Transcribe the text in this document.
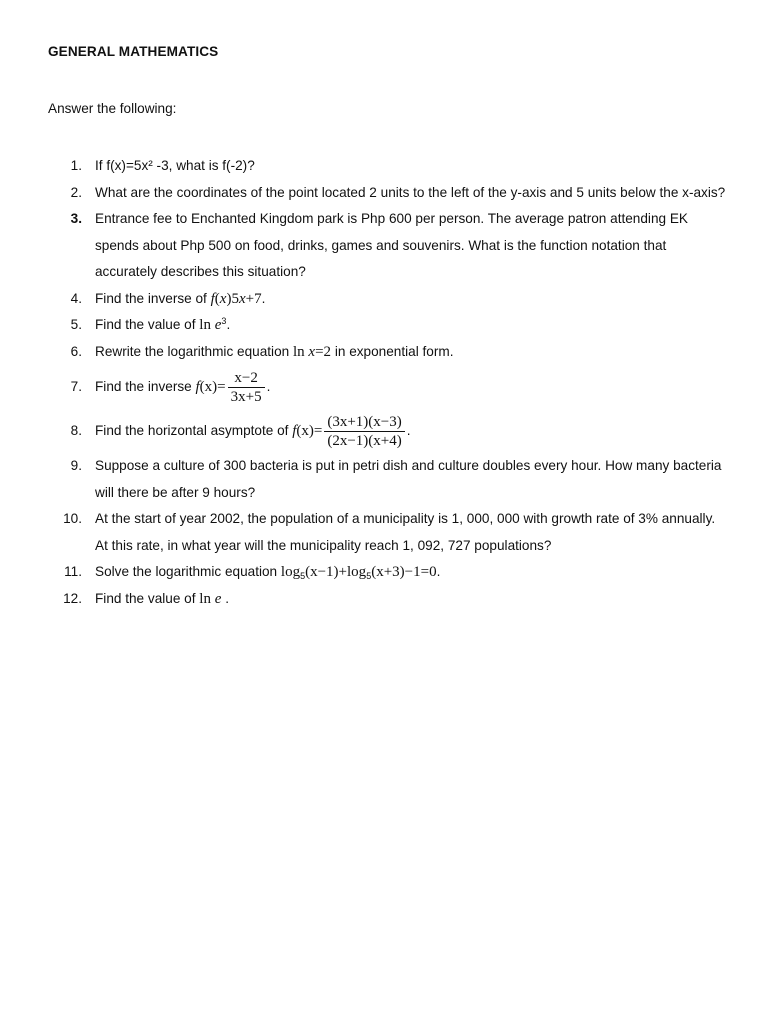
GENERAL MATHEMATICS
Answer the following:
1. If f(x)=5x² -3, what is f(-2)?
2. What are the coordinates of the point located 2 units to the left of the y-axis and 5 units below the x-axis?
3. Entrance fee to Enchanted Kingdom park is Php 600 per person. The average patron attending EK spends about Php 500 on food, drinks, games and souvenirs. What is the function notation that accurately describes this situation?
4. Find the inverse of f(x)5x+7.
5. Find the value of $\ln e^3$.
6. Rewrite the logarithmic equation ln x=2 in exponential form.
7. Find the inverse $f(x)= \frac{x-2}{3x+5}$ .
8. Find the horizontal asymptote of $f(x)= \frac{(3x+1)(x-3)}{(2x-1)(x+4)}$ .
9. Suppose a culture of 300 bacteria is put in petri dish and culture doubles every hour. How many bacteria will there be after 9 hours?
10. At the start of year 2002, the population of a municipality is 1, 000, 000 with growth rate of 3% annually. At this rate, in what year will the municipality reach 1, 092, 727 populations?
11. Solve the logarithmic equation $\log_5(x-1)+\log_5(x+3)-1=0$.
12. Find the value of ln e .
